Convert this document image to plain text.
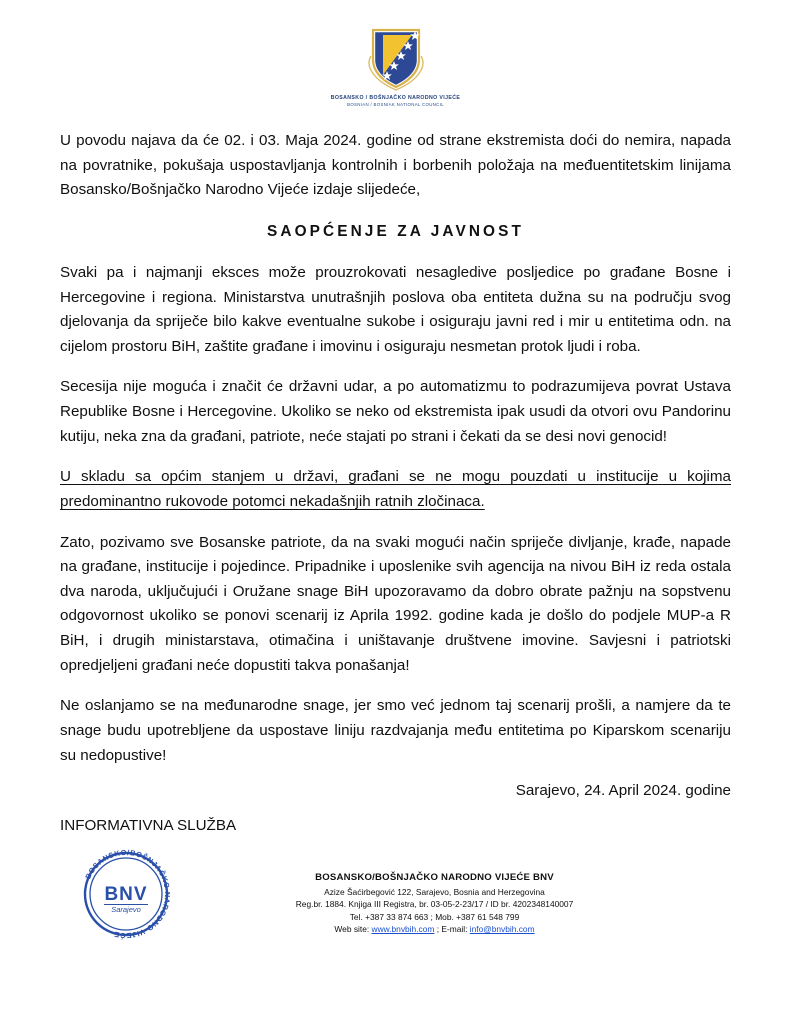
BOSANSKO / BOŠNJAČKO NARODNO VIJEĆE
BOSNIAN / BOSNIAK NATIONAL COUNCIL

U povodu najava da će 02. i 03. Maja 2024. godine od strane ekstremista doći do nemira, napada na povratnike, pokušaja uspostavljanja kontrolnih i borbenih položaja na međuentitetskim linijama Bosansko/Bošnjačko Narodno Vijeće izdaje slijedeće,

SAOPĆENJE ZA JAVNOST

Svaki pa i najmanji eksces može prouzrokovati nesagledive posljedice po građane Bosne i Hercegovine i regiona. Ministarstva unutrašnjih poslova oba entiteta dužna su na području svog djelovanja da spriječe bilo kakve eventualne sukobe i osiguraju javni red i mir u entitetima odn. na cijelom prostoru BiH, zaštite građane i imovinu i osiguraju nesmetan protok ljudi i roba.

Secesija nije moguća i značit će državni udar, a po automatizmu to podrazumijeva povrat Ustava Republike Bosne i Hercegovine. Ukoliko se neko od ekstremista ipak usudi da otvori ovu Pandorinu kutiju, neka zna da građani, patriote, neće stajati po strani i čekati da se desi novi genocid!

U skladu sa općim stanjem u državi, građani se ne mogu pouzdati u institucije u kojima predominantno rukovode potomci nekadašnjih ratnih zločinaca.

Zato, pozivamo sve Bosanske patriote, da na svaki mogući način spriječe divljanje, krađe, napade na građane, institucije i pojedince. Pripadnike i uposlenike svih agencija na nivou BiH iz reda ostala dva naroda, uključujući i Oružane snage BiH upozoravamo da dobro obrate pažnju na sopstvenu odgovornost ukoliko se ponovi scenarij iz Aprila 1992. godine kada je došlo do podjele MUP-a R BiH, i drugih ministarstava, otimačina i uništavanje društvene imovine. Savjesni i patriotski opredjeljeni građani neće dopustiti takva ponašanja!

Ne oslanjamo se na međunarodne snage, jer smo već jednom taj scenarij prošli, a namjere da te snage budu upotrebljene da uspostave liniju razdvajanja među entitetima po Kiparskom scenariju su nedopustive!

Sarajevo, 24. April 2024. godine

INFORMATIVNA SLUŽBA

BOSANSKO/BOŠNJAČKO NARODNO VIJEĆE
BNV
Sarajevo
BOSANSKO/BOŠNJAČKO NARODNO VIJEĆE BNV
Azize Šaćirbegović 122, Sarajevo, Bosnia and Herzegovina
Reg.br. 1884. Knjiga III Registra, br. 03-05-2-23/17 / ID br. 4202348140007
Tel. +387 33 874 663 ; Mob. +387 61 548 799
Web site: www.bnvbih.com ; E-mail: info@bnvbih.com
